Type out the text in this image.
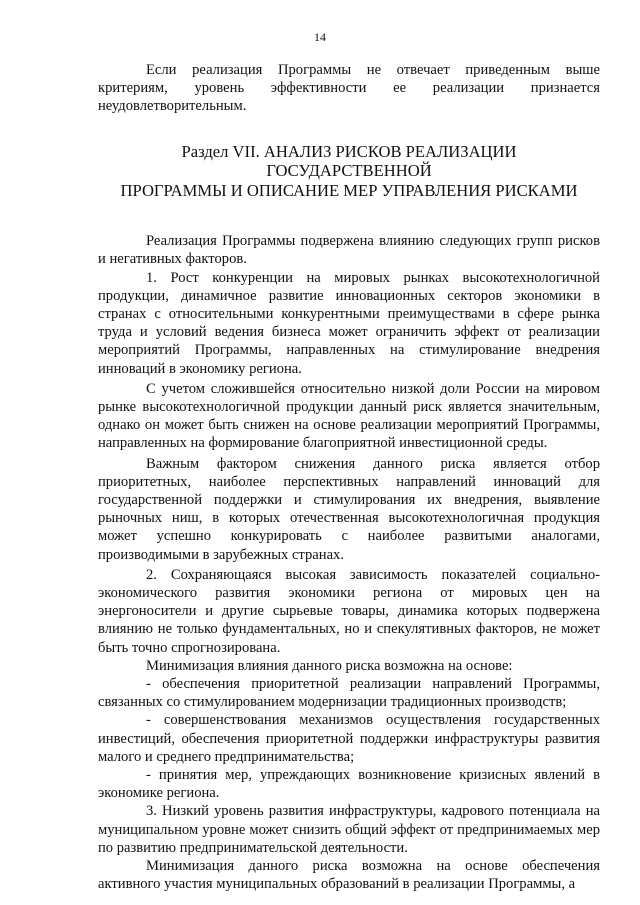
14

Если реализация Программы не отвечает приведенным выше критериям, уровень эффективности ее реализации признается неудовлетворительным.

Раздел VII. АНАЛИЗ РИСКОВ РЕАЛИЗАЦИИ
ГОСУДАРСТВЕННОЙ
ПРОГРАММЫ И ОПИСАНИЕ МЕР УПРАВЛЕНИЯ РИСКАМИ

Реализация Программы подвержена влиянию следующих групп рисков и негативных факторов.

1. Рост конкуренции на мировых рынках высокотехнологичной продукции, динамичное развитие инновационных секторов экономики в странах с относительными конкурентными преимуществами в сфере рынка труда и условий ведения бизнеса может ограничить эффект от реализации мероприятий Программы, направленных на стимулирование внедрения инноваций в экономику региона.

С учетом сложившейся относительно низкой доли России на мировом рынке высокотехнологичной продукции данный риск является значительным, однако он может быть снижен на основе реализации мероприятий Программы, направленных на формирование благоприятной инвестиционной среды.

Важным фактором снижения данного риска является отбор приоритетных, наиболее перспективных направлений инноваций для государственной поддержки и стимулирования их внедрения, выявление рыночных ниш, в которых отечественная высокотехнологичная продукция может успешно конкурировать с наиболее развитыми аналогами, производимыми в зарубежных странах.

2. Сохраняющаяся высокая зависимость показателей социально-экономического развития экономики региона от мировых цен на энергоносители и другие сырьевые товары, динамика которых подвержена влиянию не только фундаментальных, но и спекулятивных факторов, не может быть точно спрогнозирована.

Минимизация влияния данного риска возможна на основе:

- обеспечения приоритетной реализации направлений Программы, связанных со стимулированием модернизации традиционных производств;

- совершенствования механизмов осуществления государственных инвестиций, обеспечения приоритетной поддержки инфраструктуры развития малого и среднего предпринимательства;

- принятия мер, упреждающих возникновение кризисных явлений в экономике региона.

3. Низкий уровень развития инфраструктуры, кадрового потенциала на муниципальном уровне может снизить общий эффект от предпринимаемых мер по развитию предпринимательской деятельности.

Минимизация данного риска возможна на основе обеспечения активного участия муниципальных образований в реализации Программы, а
